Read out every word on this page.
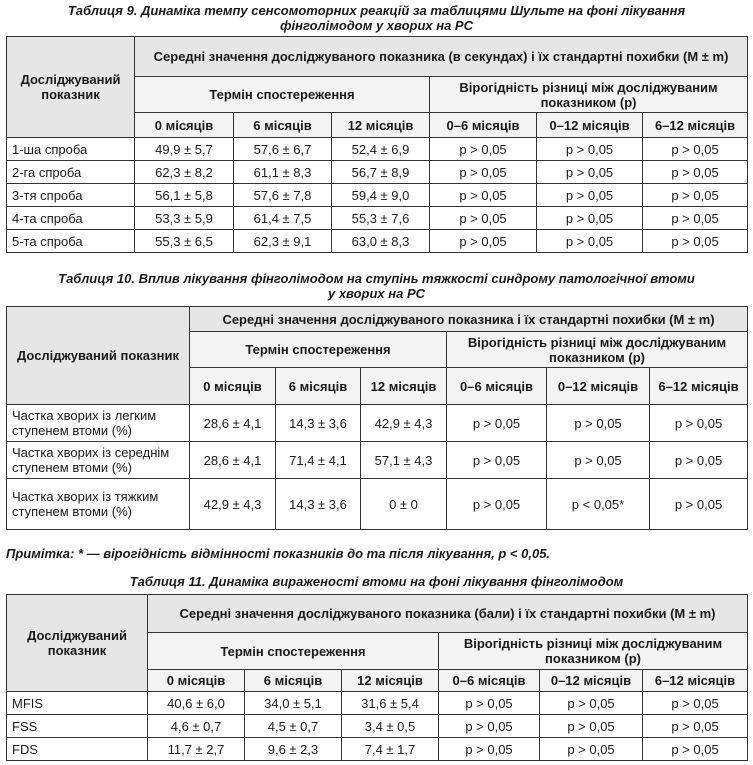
Таблиця 9. Динаміка темпу сенсомоторних реакцій за таблицями Шульте на фоні лікування

фінголімодом у хворих на РС

Досліджуваний показник	Середні значення досліджуваного показника (в секундах) і їх стандартні похибки (M ± m)					
	Термін спостереження			Вірогідність різниці між досліджуваним показником (р)		
	0 місяців	6 місяців	12 місяців	0–6 місяців	0–12 місяців	6–12 місяців
1-ша спроба	49,9 ± 5,7	57,6 ± 6,7	52,4 ± 6,9	р > 0,05	р > 0,05	р > 0,05
2-га спроба	62,3 ± 8,2	61,1 ± 8,3	56,7 ± 8,9	р > 0,05	р > 0,05	р > 0,05
3-тя спроба	56,1 ± 5,8	57,6 ± 7,8	59,4 ± 9,0	р > 0,05	р > 0,05	р > 0,05
4-та спроба	53,3 ± 5,9	61,4 ± 7,5	55,3 ± 7,6	р > 0,05	р > 0,05	р > 0,05
5-та спроба	55,3 ± 6,5	62,3 ± 9,1	63,0 ± 8,3	р > 0,05	р > 0,05	р > 0,05

Таблиця 10. Вплив лікування фінголімодом на ступінь тяжкості синдрому патологічної втоми

у хворих на РС

Досліджуваний показник	Середні значення досліджуваного показника і їх стандартні похибки (M ± m)					
	Термін спостереження			Вірогідність різниці між досліджуваним показником (р)		
	0 місяців	6 місяців	12 місяців	0–6 місяців	0–12 місяців	6–12 місяців
Частка хворих із легким ступенем втоми (%)	28,6 ± 4,1	14,3 ± 3,6	42,9 ± 4,3	р > 0,05	р > 0,05	р > 0,05
Частка хворих із середнім ступенем втоми (%)	28,6 ± 4,1	71,4 ± 4,1	57,1 ± 4,3	р > 0,05	р > 0,05	р > 0,05
Частка хворих із тяжким ступенем втоми (%)	42,9 ± 4,3	14,3 ± 3,6	0 ± 0	р > 0,05	р < 0,05*	р > 0,05

Примітка: * — вірогідність відмінності показників до та після лікування, р < 0,05.

Таблиця 11. Динаміка вираженості втоми на фоні лікування фінголімодом

Досліджуваний показник	Середні значення досліджуваного показника (бали) і їх стандартні похибки (M ± m)					
	Термін спостереження			Вірогідність різниці між досліджуваним показником (р)		
	0 місяців	6 місяців	12 місяців	0–6 місяців	0–12 місяців	6–12 місяців
MFIS	40,6 ± 6,0	34,0 ± 5,1	31,6 ± 5,4	р > 0,05	р > 0,05	р > 0,05
FSS	4,6 ± 0,7	4,5 ± 0,7	3,4 ± 0,5	р > 0,05	р > 0,05	р > 0,05
FDS	11,7 ± 2,7	9,6 ± 2,3	7,4 ± 1,7	р > 0,05	р > 0,05	р > 0,05
